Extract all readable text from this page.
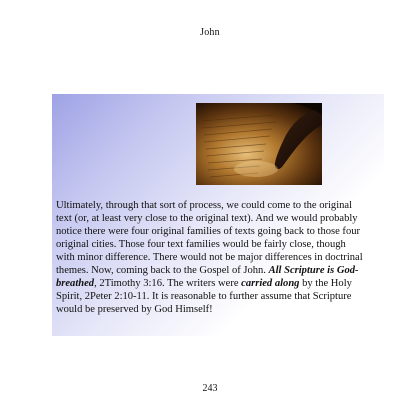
John
Ultimately, through that sort of process, we could come to the original
text (or, at least very close to the original text). And we would probably
notice there were four original families of texts going back to those four
original cities. Those four text families would be fairly close, though
with minor difference. There would not be major differences in doctrinal
themes. Now, coming back to the Gospel of John. All Scripture is God-
breathed, 2Timothy 3:16. The writers were carried along by the Holy
Spirit, 2Peter 2:10-11. It is reasonable to further assume that Scripture
would be preserved by God Himself!
243
